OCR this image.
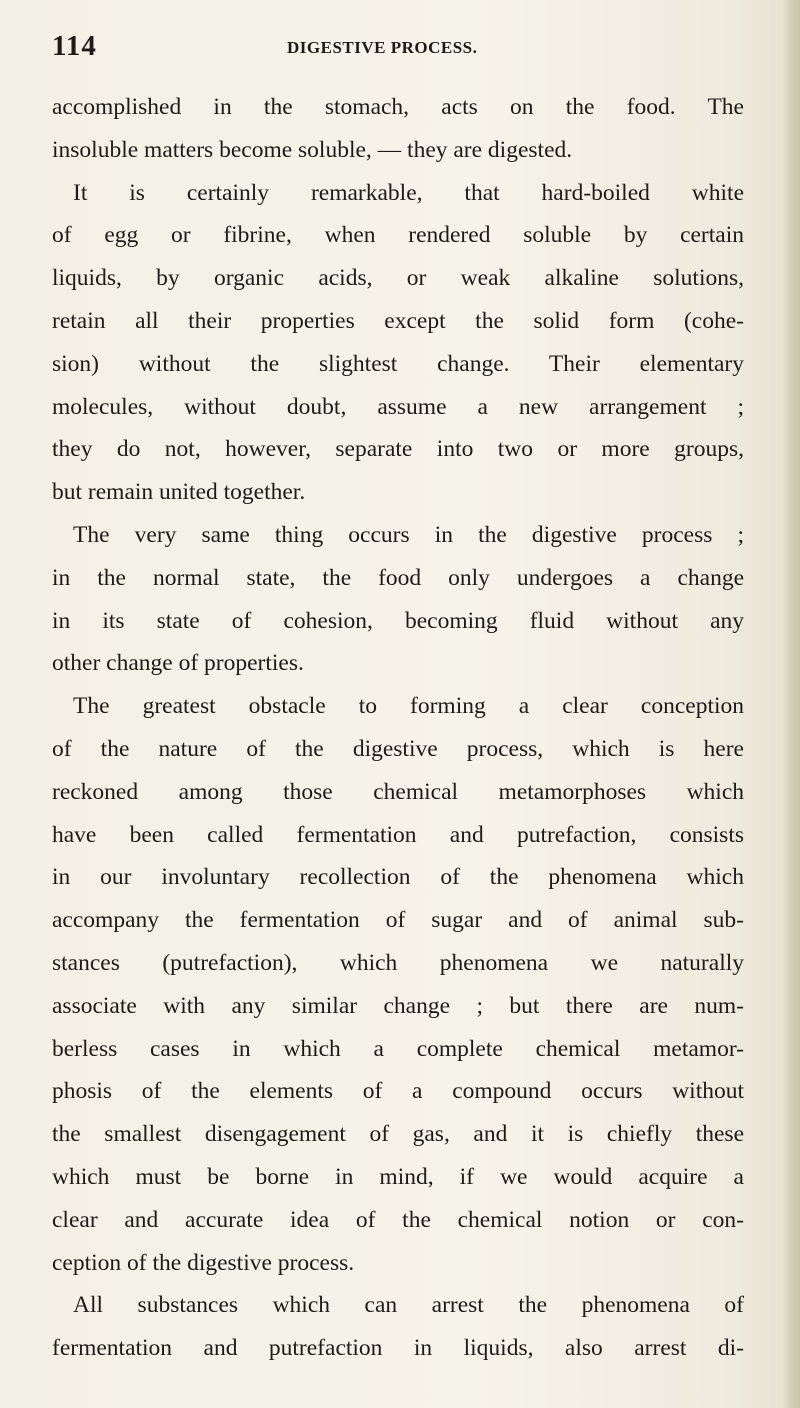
114	DIGESTIVE PROCESS.
accomplished in the stomach, acts on the food. The
insoluble matters become soluble, — they are digested.
It is certainly remarkable, that hard-boiled white
of egg or fibrine, when rendered soluble by certain
liquids, by organic acids, or weak alkaline solutions,
retain all their properties except the solid form (cohe-
sion) without the slightest change. Their elementary
molecules, without doubt, assume a new arrangement ;
they do not, however, separate into two or more groups,
but remain united together.
The very same thing occurs in the digestive process ;
in the normal state, the food only undergoes a change
in its state of cohesion, becoming fluid without any
other change of properties.
The greatest obstacle to forming a clear conception
of the nature of the digestive process, which is here
reckoned among those chemical metamorphoses which
have been called fermentation and putrefaction, consists
in our involuntary recollection of the phenomena which
accompany the fermentation of sugar and of animal sub-
stances (putrefaction), which phenomena we naturally
associate with any similar change ; but there are num-
berless cases in which a complete chemical metamor-
phosis of the elements of a compound occurs without
the smallest disengagement of gas, and it is chiefly these
which must be borne in mind, if we would acquire a
clear and accurate idea of the chemical notion or con-
ception of the digestive process.
All substances which can arrest the phenomena of
fermentation and putrefaction in liquids, also arrest di-
